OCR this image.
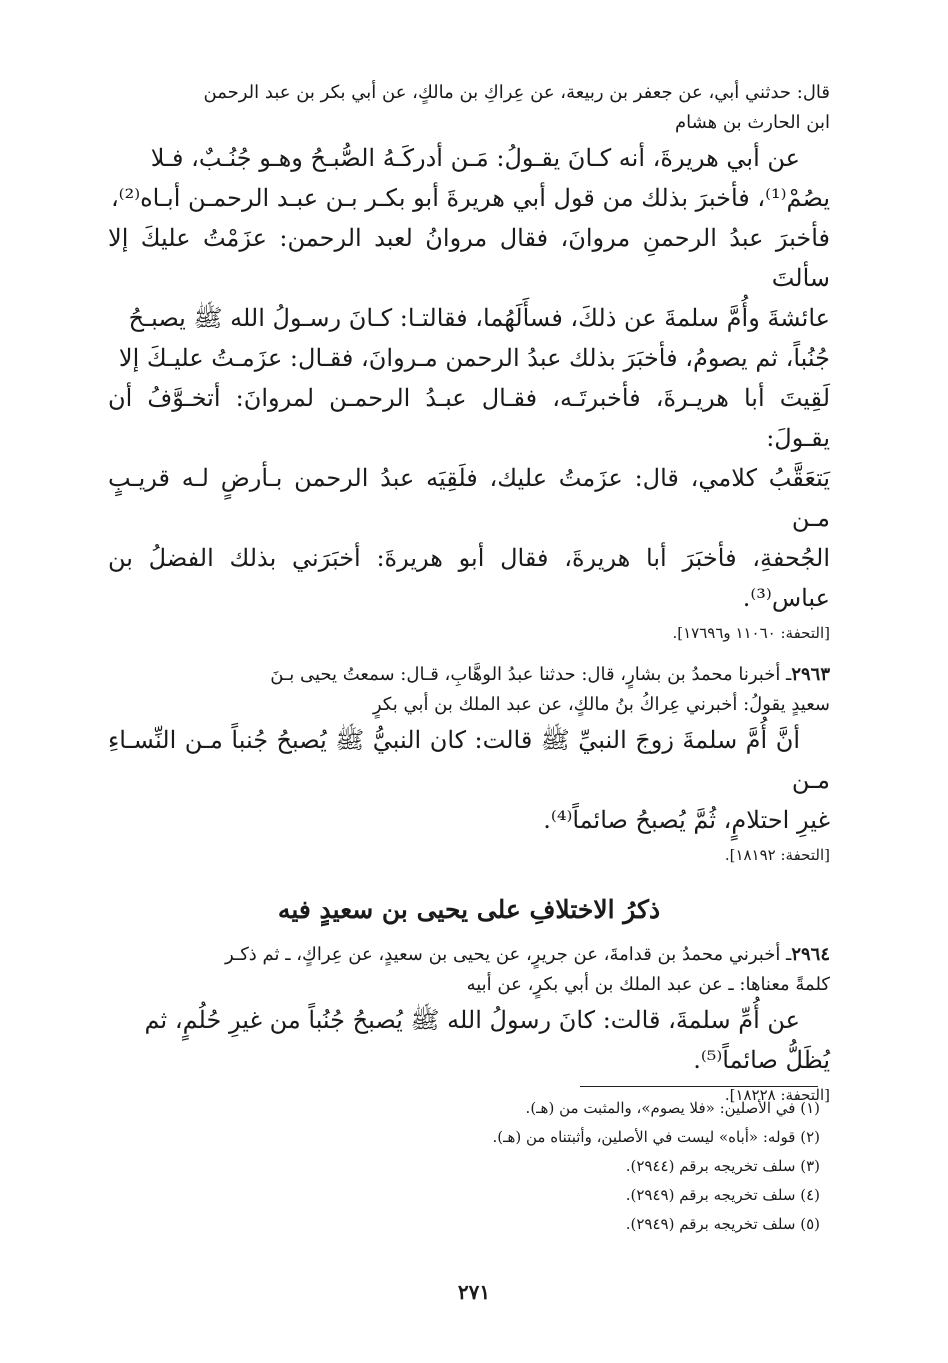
قال: حدثني أبي، عن جعفر بن ربيعة، عن عِراكِ بن مالكٍ، عن أبي بكر بن عبد الرحمن

ابن الحارث بن هشام

عن أبي هريرةَ، أنه كـانَ يقـولُ: مَـن أدركَـهُ الصُّبـحُ وهـو جُنُـبٌ، فـلا

يصُمْ⁽¹⁾، فأخبرَ بذلك من قول أبي هريرةَ أبو بكـر بـن عبـد الرحمـن أبـاه⁽²⁾،

فأخبرَ عبدُ الرحمنِ مروانَ، فقال مروانُ لعبد الرحمن: عزَمْتُ عليكَ إلا سألتَ

عائشةَ وأُمَّ سلمةَ عن ذلكَ، فسأَلَهُما، فقالتـا: كـانَ رسـولُ الله ﷺ يصبـحُ

جُنُباً، ثم يصومُ، فأخبَرَ بذلك عبدُ الرحمن مـروانَ، فقـال: عزَمـتُ عليـكَ إلا

لَقِيتَ أبا هريـرةَ، فأخبرتَـه، فقـال عبـدُ الرحمـن لمروانَ: أتخـوَّفُ أن يقـولَ:

يَتعَقَّبُ كلامي، قال: عزَمتُ عليك، فلَقِيَه عبدُ الرحمن بـأرضٍ لـه قريـبٍ مـن

الجُحفةِ، فأخبَرَ أبا هريرةَ، فقال أبو هريرةَ: أخبَرَني بذلك الفضلُ بن عباس⁽³⁾.

[التحفة: ١١٠٦٠ و١٧٦٩٦].

٢٩٦٣ـ أخبرنا محمدُ بن بشارٍ، قال: حدثنا عبدُ الوهَّابِ، قـال: سمعتُ يحيى بـنَ

سعيدٍ يقولُ: أخبرني عِراكُ بنُ مالكٍ، عن عبد الملك بن أبي بكرٍ

أنَّ أُمَّ سلمةَ زوجَ النبيِّ ﷺ قالت: كان النبيُّ ﷺ يُصبحُ جُنباً مـن النِّسـاءِ مـن

غيرِ احتلامٍ، ثُمَّ يُصبحُ صائماً⁽⁴⁾.

[التحفة: ١٨١٩٢].

ذكرُ الاختلافِ على يحيى بن سعيدٍ فيه

٢٩٦٤ـ أخبرني محمدُ بن قدامةَ، عن جريرٍ، عن يحيى بن سعيدٍ، عن عِراكٍ، ـ ثم ذكـر

كلمةً معناها: ـ عن عبد الملك بن أبي بكرٍ، عن أبيه

عن أُمِّ سلمةَ، قالت: كانَ رسولُ الله ﷺ يُصبحُ جُنُباً من غيرِ حُلُمٍ، ثم

يُظَلُّ صائماً⁽⁵⁾.

[التحفة: ١٨٢٢٨].

(١) في الأصلين: «فلا يصوم»، والمثبت من (هـ).
(٢) قوله: «أباه» ليست في الأصلين، وأثبتناه من (هـ).
(٣) سلف تخريجه برقم (٢٩٤٤).
(٤) سلف تخريجه برقم (٢٩٤٩).
(٥) سلف تخريجه برقم (٢٩٤٩).
٢٧١
